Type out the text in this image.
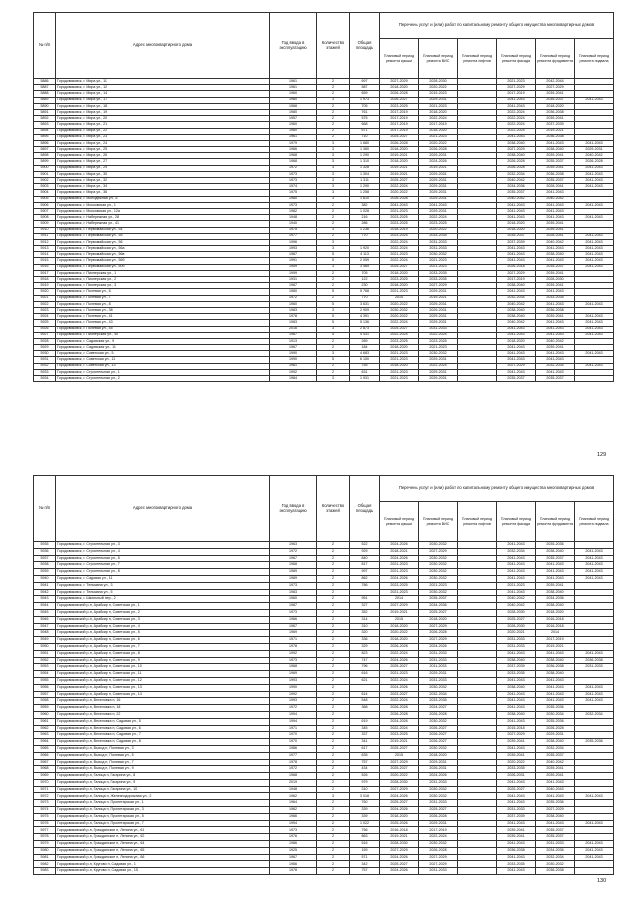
№ п/п	Адрес многоквартирного дома	Год ввода в эксплуатацию	Количество этажей	Общая площадь	Перечень услуг и (или) работ по капитальному ремонту общего имущества многоквартирных домов					
					Плановый период ремонта крыши	Плановый период ремонта ВИС	Плановый период ремонта лифтов	Плановый период ремонта фасада	Плановый период ремонта фундамента	Плановый период ремонта подвала
5886	Городовиковск, г. Мира ул., 11	1961	2	697	2027-2029	2028-2030		2021-2023	2042-2044	
5887	Городовиковск, г. Мира ул., 12	1961	2	587	2018-2020	2020-2022		2027-2029	2027-2029	
5888	Городовиковск, г. Мира ул., 14	1960	2	659	2026-2028	2019-2023		2017-2019	2039-2041	
5889	Городовиковск, г. Мира ул., 17	1980	3	1 973	2026-2027	2029-2031		2041-2043	2035-2037	2041-2043
5890	Городовиковск, г. Мира ул., 18	1968	2	705	2023-2025	2021-2023		2041-2043	2018-2020	
5891	Городовиковск, г. Мира ул., 19	1980	2	761	2017-2019	2018-2020		2022-2024	2036-2038	
5892	Городовиковск, г. Мира ул., 20	1957	2	575	2017-2019	2022-2024		2022-2024	2039-2041	
5893	Городовиковск, г. Мира ул., 21	1960	2	668	2017-2019	2017-2019		2022-2024	2037-2039	
5894	Городовиковск, г. Мира ул., 22	1960	2	671	2017-2019	2018-2020		2022-2024	2019-2021	
5895	Городовиковск, г. Мира ул., 23	1961	2	710	2025-2027	2021-2023		2041-2043	2036-2038	
5896	Городовиковск, г. Мира ул., 24	1979	3	1 680	2026-2028	2020-2022		2038-2040	2041-2043	2041-2043
5897	Городовиковск, г. Мира ул., 25	1966	3	1 380	2018-2020	2026-2028		2027-2029	2038-2040	2029-2031
5898	Городовиковск, г. Мира ул., 26	1968	3	1 290	2019-2021	2029-2031		2038-2040	2039-2041	2040-2042
5899	Городовиковск, г. Мира ул., 27	1968	3	1 310	2018-2020	2024-2026		2026-2028	2035-2037	2026-2028
5900	Городовиковск, г. Мира ул., 29	1972	3	1 328	2019-2021	2019-2021		2026-2028	2039-2041	2041-2043
5901	Городовиковск, г. Мира ул., 30	1973	3	1 304	2019-2021	2029-2031		2032-2034	2036-2038	2041-2043
5902	Городовиковск, г. Мира ул., 32	1973	3	1 311	2025-2027	2029-2031		2040-2042	2035-2037	2041-2043
5903	Городовиковск, г. Мира ул., 34	1974	3	1 290	2022-2024	2029-2031		2034-2036	2028-2041	2041-2043
5904	Городовиковск, г. Мира ул., 36	1975	3	1 258	2020-2022	2029-2031		2035-2037	2041-2043	
5905	Городовиковск, г. Молодежная ул., 6	1980	3	1 610	2026-2028	2029-2031		2040-2042	2040-2042	
5906	Городовиковск, г. Московская ул., 1	1973	2	382	2041-2043	2041-2043		2041-2043	2041-2043	2041-2043
5907	Городовиковск, г. Московская ул., 12а	1982	2	1 028	2021-2023	2029-2031		2041-2043	2041-2043	
5908	Городовиковск, г. Набережная ул., 28	1948	2	216	2023-2025	2022-2024		2041-2043	2041-2043	2041-2043
5909	Городовиковск, г. Набережная ул., 41	1940	2	286	2023-2025	2023-2025		2018-2020	2039-2041	
5910	Городовиковск, г. Первомайская ул., 54	1975	3	1 236	2018-2019	2020-2022		2018-2020	2039-2041	
5911	Городовиковск, г. Первомайская ул., 55	1977	2	770	2023-2025	2033-2035		2035-2037	2028-2041	2041-2043
5912	Городовиковск, г. Первомайская ул., 56	1996	3		2022-2024	2031-2033		2037-2039	2040-2042	2041-2043
5913	Городовиковск, г. Первомайская ул., 56а	1993	3	1 920	2022-2024	2031-2033		2041-2043	2041-2043	2041-2043
5914	Городовиковск, г. Первомайская ул., 56в	1987	5	4 113	2021-2023	2030-2032		2041-2043	2038-2040	2041-2043
5915	Городовиковск, г. Первомайская ул., 56б	1991	5	2 059	2022-2024	2021-2023		2041-2043	2041-2043	2041-2043
5916	Городовиковск, г. Первомайская ул., 60б	1959	3	3 465	2025-2027	2021-2023		2026-2018	2035-2037	2041-2043
5917	Городовиковск, г. Пионерская ул., 1	1999	2	705	2018-2020	2033-2035		2027-2029	2039-2041	
5918	Городовиковск, г. Пионерская ул., 2	1931	2	122	2023-2025	2033-2035		2017-2019	2028-2030	
5919	Городовиковск, г. Пионерская ул., 3	1967	2	230	2018-2020	2027-2029		2038-2040	2039-2041	
5920	Городовиковск, г. Полевая ул., 6	1980	5	5 768	2021-2023	2029-2031		2041-2043	2041-2043	
5921	Городовиковск, г. Полевая ул., 7	1972	2	770	2014	2019-2021		2032-2034	2033-2035	
5922	Городовиковск, г. Полевая ул., 8	1960	5	3 631	2020-2022	2029-2031		2040-2042	2041-2043	2041-2043
5923	Городовиковск, г. Полевая ул., 38	1983	3	2 909	2030-2032	2029-2031		2038-2040	2036-2038	
5924	Городовиковск, г. Полевая ул., 41	1978	5	4 391	2020-2022	2029-2031		2038-2040	2039-2041	2041-2043
5925	Городовиковск, г. Полевая ул., 43	1983	5	5 136	2022-2024	2029-2031		2040-2042	2041-2043	2041-2043
5926	Городовиковск, г. Полевая ул., 45	2016	3	2 873	2025-2027	2031-2033		2041-2043	2041-2043	2041-2043
5927	Городовиковск, г. Пионерская ул., 40	1987	5	4 431	2022-2024	2022-2024		2041-2043	2041-2043	2041-2043
5928	Городовиковск, г. Садовская ул., 9	1913	2	289	2023-2025	2023-2025		2018-2020	2040-2042	
5929	Городовиковск, г. Садовская ул., 11	1967	2	184	2018-2020	2021-2023		2041-2043	2039-2041	
5930	Городовиковск, г. Советская ул., 5	1990	3	4 683	2021-2023	2030-2032		2041-2043	2041-2043	2041-2043
5931	Городовиковск, г. Советская ул., 11	1990	5	6 150	2021-2023	2029-2031		2041-2043	2041-2043	
5932	Городовиковск, г. Советская ул., 13	1981	2	755	2018-2020	2022-2024		2027-2029	2032-2034	2041-2043
5933	Городовиковск, г. Строительная ул., 1	1992	2	631	2021-2023	2029-2031		2041-2043	2041-2043	
5934	Городовиковск, г. Строительная ул., 2	1984	3	1 931	2021-2023	2029-2031		2035-2037	2035-2037	
129
№ п/п	Адрес многоквартирного дома	Год ввода в эксплуатацию	Количество этажей	Общая площадь	Перечень услуг и (или) работ по капитальному ремонту общего имущества многоквартирных домов					
					Плановый период ремонта крыши	Плановый период ремонта ВИС	Плановый период ремонта лифтов	Плановый период ремонта фасада	Плановый период ремонта фундамента	Плановый период ремонта подвала
5935	Городовиковск, г. Строительная ул., 3	1963	2	522	2024-2026	2030-2032		2041-2043	2035-2036	
5936	Городовиковск, г. Строительная ул., 4	1972	2	929	2018-2021	2027-2029		2032-2034	2038-2040	2041-2043
5937	Городовиковск, г. Строительная ул., 5	1967	2	840	2024-2026	2030-2032		2041-2043	2035-2037	2041-2043
5938	Городовиковск, г. Строительная ул., 7	1968	2	817	2021-2023	2030-2032		2041-2043	2041-2043	2041-2043
5939	Городовиковск, г. Строительная ул., 8	1989	2	997	2021-2023	2030-2032		2041-2043	2041-2043	2041-2043
5940	Городовиковск, г. Садовая ул., 11	1989	2	862	2024-2026	2030-2032		2041-2043	2041-2043	2041-2043
5941	Городовиковск, г. Тельмана ул., 3	1973	2	786	2023-2025	2021-2023		2021-2023	2039-2041	
5942	Городовиковск, г. Тельмана ул., 5	1983	2		2021-2023	2030-2032		2041-2043	2038-2040	
5943	Городовиковск, г. Школьный пер., 2	1960	2	951	2014	2035-2037		2040-2042	2034-2036	
5944	Городовиковский р-н, Арабкир п, Советская ул., 1	1987	2	327	2027-2029	2034-2036		2040-2042	2038-2040	
5945	Городовиковский р-н, Арабкир п, Советская ул., 2	1973	2	352	2019-2021	2025-2027		2028-2030	2018-2020	
5946	Городовиковский р-н, Арабкир п, Советская ул., 3	1966	2	314	2015	2018-2020		2025-2027	2016-2018	
5947	Городовиковский р-н, Арабкир п, Советская ул., 4	1967	2	310	2018-2020	2027-2029		2028-2030	2016-2018	
5948	Городовиковский р-н, Арабкир п, Советская ул., 5	1969	2	320	2020-2022	2026-2028		2020-2021	2014	
5949	Городовиковский р-н, Арабкир п, Советская ул., 6	1971	2	336	2018-2020	2027-2029		2031-2033	2017-2019	
5950	Городовиковский р-н, Арабкир п, Советская ул., 7	1978	2	329	2026-2028	2024-2026		2031-2033	2019-2021	
5951	Городовиковский р-н, Арабкир п, Советская ул., 8	1992	2	823	2022-2024	2031-2033		2041-2043	2041-2043	2041-2043
5952	Городовиковский р-н, Арабкир п, Советская ул., 9	1973	2	747	2024-2026	2031-2033		2038-2040	2038-2040	2036-2038
5953	Городовиковский р-н, Арабкир п, Советская ул., 10	1968	2	796	2025-2027	2011-2033		2037-2039	2036-2038	2031-2033
5954	Городовиковский р-н, Арабкир п, Советская ул., 11	1969	2	616	2021-2023	2029-2031		2033-2035	2038-2040	
5955	Городовиковский р-н, Арабкир п, Советская ул., 12	1993	2	621	2022-2024	2031-2033		2041-2043	2041-2043	
5956	Городовиковский р-н, Арабкир п, Советская ул., 13	1990	2		2024-2026	2030-2032		2038-2040	2041-2043	2041-2043
5957	Городовиковский р-н, Арабкир п, Советская ул., 14	1992	2	614	2023-2027	2032-2034		2041-2043	2041-2043	2041-2043
5958	Городовиковский р-н, Веселовка п, 16	1993	2	548	2022-2024	2033-2035		2041-2043	2041-2043	2041-2043
5959	Городовиковский р-н, Веселовка п, 18	1972	2	368	2026-2028	2024-2027		2041-2043	2035-2036	
5960	Городовиковский р-н, Веселовка п, 22	1994	2		2026-2028	2026-2028		2038-2040	2030-2034	2032-2034
5961	Городовиковский р-н, Веселовка п, Садовая ул., 5	1994	2	619	2024-2026	2030-2032		2041-2043	2035-2036	
5962	Городовиковский р-н, Веселовка п, Садовая ул., 6	1971	2	345	2022-2024	2026-2027		2015-2018	2026-2028	
5963	Городовиковский р-н, Веселовка п, Садовая ул., 7	1970	2	337	2023-2025	2026-2027		2027-2029	2029-2031	
5964	Городовиковский р-н, Веселовка п, Садовая ул., 8	1970	2	341	2019-2021	2026-2027		2039-2041	2038-2040	2035-2036
5965	Городовиковский р-н, Выход п, Полевая ул., 3	1986	2	617	2025-2027	2030-2032		2041-2043	2032-2034	
5966	Городовиковский р-н, Выход п, Полевая ул., 5	1977	2	635	2015	2018-2020		2039-2041	2035-2037	
5967	Городовиковский р-н, Выход п, Полевая ул., 7	1978	2	757	2027-2029	2029-2031		2020-2022	2040-2042	
5968	Городовиковский р-н, Выход п, Полевая ул., 9	1972	2	434	2025-2027	2026-2031		2033-2035	2039-2041	
5969	Городовиковский р-н, Галица п, Гагарина ул., 8	1968	2	526	2020-2022	2024-2026		2026-2031	2039-2041	
5970	Городовиковский р-н, Галица п, Гагарина ул., 9	2019	2	979	2028-2030	2031-2033		2041-2043	2041-2043	
5971	Городовиковский р-н, Галица п, Гагарина ул., 10	1948	2	310	2027-2029	2030-2032		2025-2027	2040-2043	
5972	Городовиковский р-н, Галица п, Железнодорожная ул., 2	1962	3	3 018	2024-2026	2030-2032		2041-2043	2041-2043	2041-2043
5973	Городовиковский р-н, Галица п, Пролетарская ул., 1	1964	2	760	2025-2027	2031-2033		2041-2043	2035-2036	
5974	Городовиковский р-н, Галица п, Пролетарская ул., 3	1962	2	339	2024-2026	2025-2027		2031-2033	2027-2029	
5975	Городовиковский р-н, Галица п, Пролетарская ул., 5	1966	2	339	2018-2020	2026-2028		2037-2039	2038-2040	
5976	Городовиковский р-н, Галица п, Пролетарская ул., 7	1994	2	1 022	2025-2026	2029-2031		2041-2043	2041-2043	2041-2043
5977	Городовиковский р-н, Гражданское п, Ленина ул., 61	1973	2	756	2016-2018	2017-2019		2039-2041	2035-2037	
5978	Городовиковский р-н, Гражданское п, Ленина ул., 62	1976	2	863	2019-2021	2022-2024		2039-2041	2035-2037	
5979	Городовиковский р-н, Гражданское п, Ленина ул., 64	1986	2	516	2028-2030	2030-2032		2041-2043	2031-2033	2041-2043
5980	Городовиковский р-н, Гражданское п, Ленина ул., 65	1925	2	159	2027-2029	2026-2028		2036-2038	2034-2036	2041-2043
5981	Городовиковский р-н, Гражданское п, Ленина ул., 66	1967	2	571	2024-2026	2027-2029		2041-2043	2032-2034	2041-2043
5982	Городовиковский р-н, Кругово п, Садовая ул., 1	1966	2	342	2025-2027	2027-2029		2033-2035	2030-2032	
5983	Городовиковский р-н, Кругово п, Садовая ул., 15	1978	2	757	2024-2026	2031-2033		2041-2043	2036-2038	
130
